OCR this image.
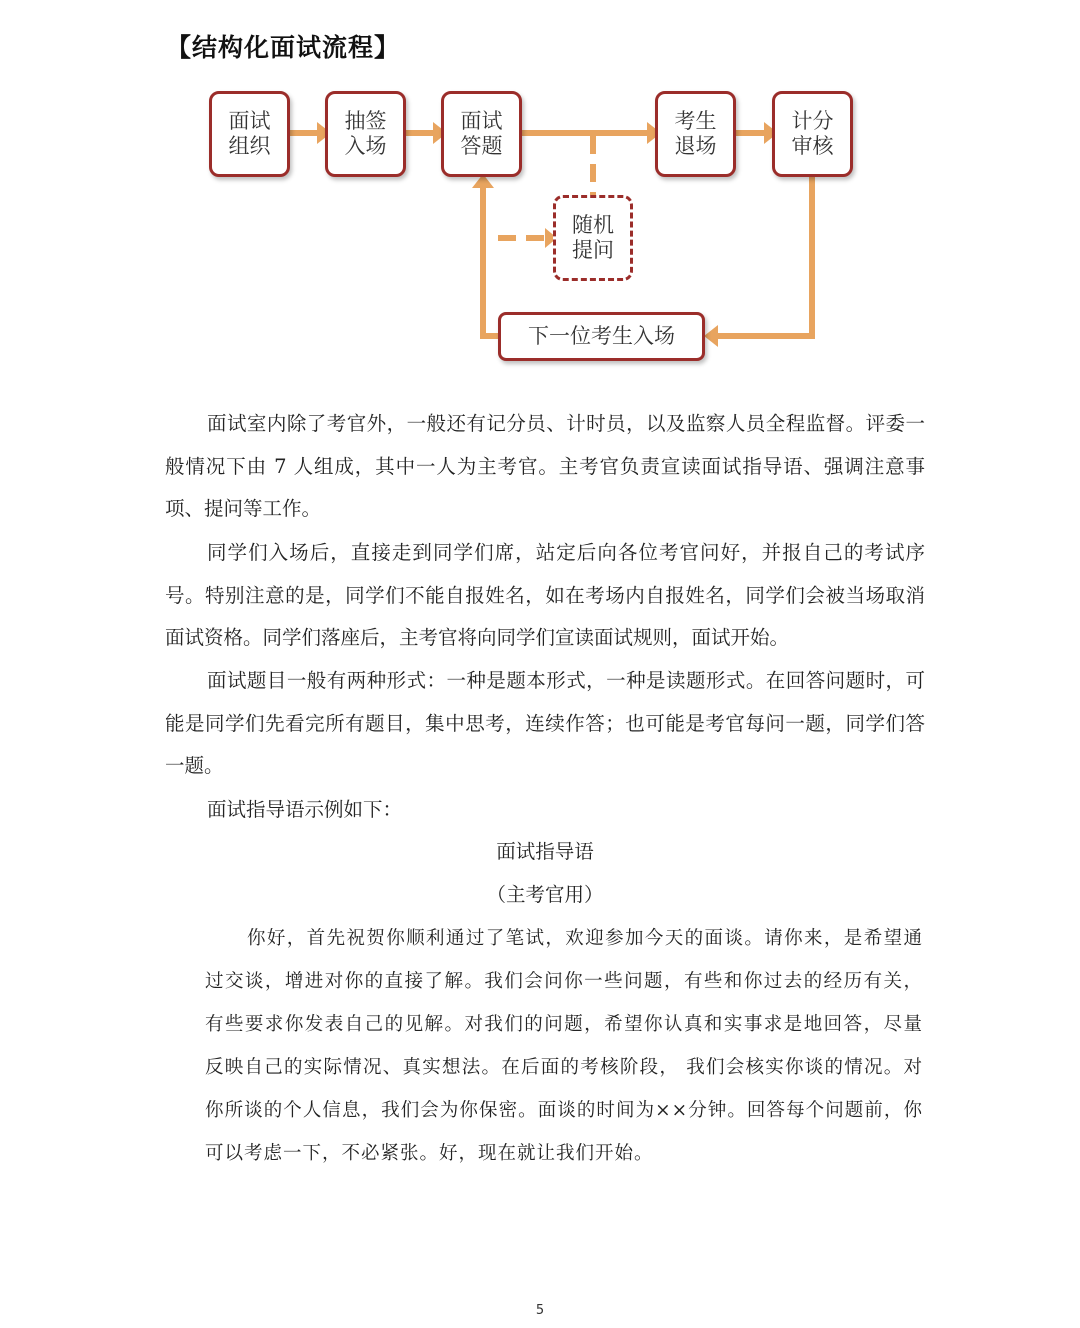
【结构化面试流程】
面试
组织
抽签
入场
面试
答题
考生
退场
计分
审核
随机
提问
下一位考生入场

面试室内除了考官外，一般还有记分员、计时员，以及监察人员全程监督。评委一般情况下由 7 人组成，其中一人为主考官。主考官负责宣读面试指导语、强调注意事项、提问等工作。

同学们入场后，直接走到同学们席，站定后向各位考官问好，并报自己的考试序号。特别注意的是，同学们不能自报姓名，如在考场内自报姓名，同学们会被当场取消面试资格。同学们落座后，主考官将向同学们宣读面试规则，面试开始。

面试题目一般有两种形式：一种是题本形式，一种是读题形式。在回答问题时，可能是同学们先看完所有题目，集中思考，连续作答；也可能是考官每问一题，同学们答一题。

面试指导语示例如下：

面试指导语

（主考官用）

你好，首先祝贺你顺利通过了笔试，欢迎参加今天的面谈。请你来，是希望通过交谈，增进对你的直接了解。我们会问你一些问题，有些和你过去的经历有关，有些要求你发表自己的见解。对我们的问题，希望你认真和实事求是地回答，尽量反映自己的实际情况、真实想法。在后面的考核阶段， 我们会核实你谈的情况。对你所谈的个人信息，我们会为你保密。面谈的时间为××分钟。回答每个问题前，你可以考虑一下，不必紧张。好，现在就让我们开始。

5
